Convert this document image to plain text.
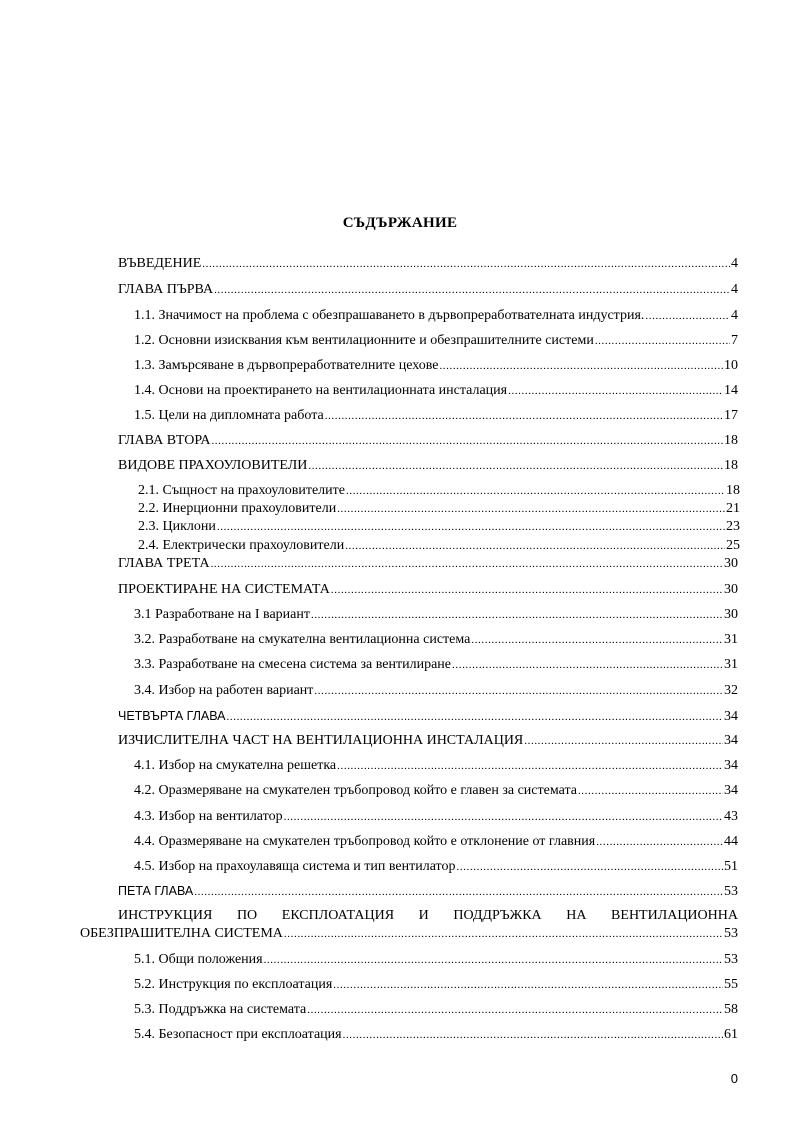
СЪДЪРЖАНИЕ
ВЪВЕДЕНИЕ .....	4
ГЛАВА ПЪРВА .....	4
1.1. Значимост на проблема с обезпрашаването в дървопреработвателната индустрия. .....	4
1.2. Основни изисквания към вентилационните и обезпрашителните системи .....	7
1.3. Замърсяване в дървопреработвателните цехове .....	10
1.4. Основи на проектирането на вентилационната инсталация .....	14
1.5. Цели на дипломната работа .....	17
ГЛАВА ВТОРА .....	18
ВИДОВЕ ПРАХОУЛОВИТЕЛИ .....	18
2.1. Същност на прахоуловителите .....	18
2.2. Инерционни прахоуловители .....	21
2.3. Циклони .....	23
2.4. Електрически прахоуловители .....	25
ГЛАВА ТРЕТА .....	30
ПРОЕКТИРАНЕ НА СИСТЕМАТА .....	30
3.1 Разработване на I вариант .....	30
3.2. Разработване на смукателна вентилационна система .....	31
3.3. Разработване на смесена система за вентилиране .....	31
3.4. Избор на работен вариант .....	32
ЧЕТВЪРТА ГЛАВА .....	34
ИЗЧИСЛИТЕЛНА ЧАСТ НА ВЕНТИЛАЦИОННА ИНСТАЛАЦИЯ .....	34
4.1. Избор на смукателна решетка .....	34
4.2. Оразмеряване на смукателен тръбопровод който е главен за системата .....	34
4.3. Избор на вентилатор .....	43
4.4. Оразмеряване на смукателен тръбопровод който е отклонение от главния .....	44
4.5. Избор на прахоулавяща система и тип вентилатор .....	51
ПЕТА ГЛАВА .....	53
ИНСТРУКЦИЯ ПО ЕКСПЛОАТАЦИЯ И ПОДДРЪЖКА НА ВЕНТИЛАЦИОННА
ОБЕЗПРАШИТЕЛНА СИСТЕМА .....	53
5.1. Общи положения .....	53
5.2. Инструкция по експлоатация .....	55
5.3. Поддръжка на системата .....	58
5.4. Безопасност при експлоатация .....	61
0
